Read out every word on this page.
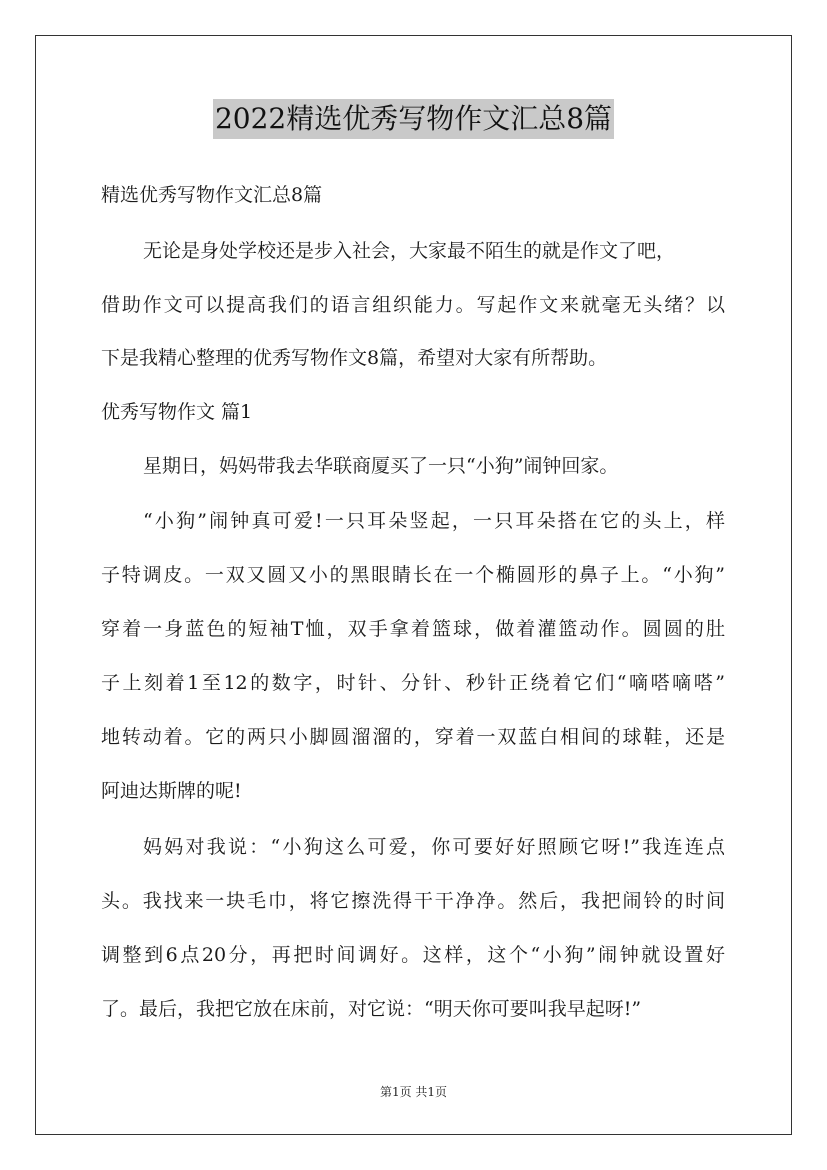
2022精选优秀写物作文汇总8篇
精选优秀写物作文汇总8篇
无论是身处学校还是步入社会，大家最不陌生的就是作文了吧，
借助作文可以提高我们的语言组织能力。写起作文来就毫无头绪？以
下是我精心整理的优秀写物作文8篇，希望对大家有所帮助。
优秀写物作文 篇1
星期日，妈妈带我去华联商厦买了一只“小狗”闹钟回家。
“小狗”闹钟真可爱!一只耳朵竖起，一只耳朵搭在它的头上，样
子特调皮。一双又圆又小的黑眼睛长在一个椭圆形的鼻子上。“小狗”
穿着一身蓝色的短袖T恤，双手拿着篮球，做着灌篮动作。圆圆的肚
子上刻着1至12的数字，时针、分针、秒针正绕着它们“嘀嗒嘀嗒”
地转动着。它的两只小脚圆溜溜的，穿着一双蓝白相间的球鞋，还是
阿迪达斯牌的呢!
妈妈对我说：“小狗这么可爱，你可要好好照顾它呀!”我连连点
头。我找来一块毛巾，将它擦洗得干干净净。然后，我把闹铃的时间
调整到6点20分，再把时间调好。这样，这个“小狗”闹钟就设置好
了。最后，我把它放在床前，对它说：“明天你可要叫我早起呀!”
第1页 共1页
